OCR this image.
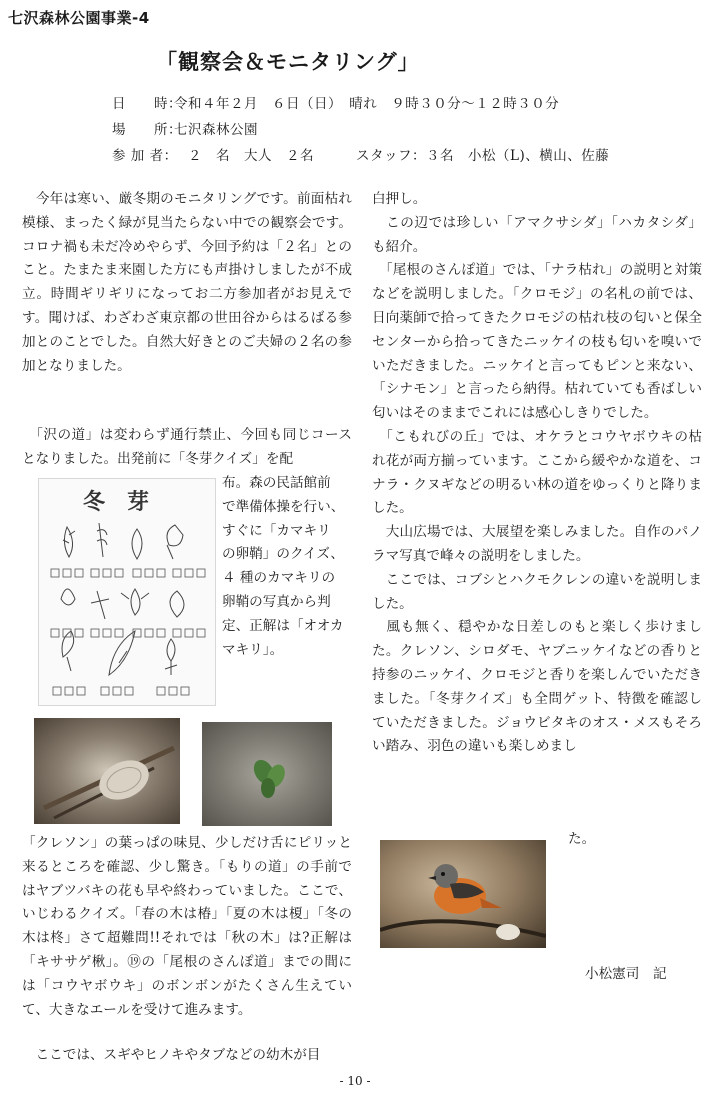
七沢森林公園事業-4
「観察会＆モニタリング」
日　　時：令和４年２月　６日（日）　晴れ　９時３０分〜１２時３０分
場　　所：七沢森林公園
参 加 者：　２　名　大人　２名　　　スタッフ：３名　小松（L)、横山、佐藤

　今年は寒い、厳冬期のモニタリングです。前面枯れ模様、まったく緑が見当たらない中での観察会です。コロナ禍も未だ冷めやらず、今回予約は「２名」とのこと。たまたま来園した方にも声掛けしましたが不成立。時間ギリギリになってお二方参加者がお見えです。聞けば、わざわざ東京都の世田谷からはるばる参加とのことでした。自然大好きとのご夫婦の２名の参加となりました。

　「沢の道」は変わらず通行禁止、今回も同じコースとなりました。出発前に「冬芽クイズ」を配

冬　芽
布。森の民話館前
で準備体操を行い、
すぐに「カマキリ
の卵鞘」のクイズ、
４ 種のカマキリの
卵鞘の写真から判
定、正解は「オオカ
マキリ」。

「クレソン」の葉っぱの味見、少しだけ舌にピリッと来るところを確認、少し驚き。「もりの道」の手前ではヤブツバキの花も早や終わっていました。ここで、いじわるクイズ。「春の木は椿」「夏の木は榎」「冬の木は柊」さて超難問!!それでは「秋の木」は?正解は「キササゲ楸」。⑲の「尾根のさんぽ道」までの間には「コウヤボウキ」のボンボンがたくさん生えていて、大きなエールを受けて進みます。

　ここでは、スギやヒノキやタブなどの幼木が目

白押し。

　この辺では珍しい「アマクサシダ」「ハカタシダ」も紹介。

　「尾根のさんぽ道」では、「ナラ枯れ」の説明と対策などを説明しました。「クロモジ」の名札の前では、日向薬師で拾ってきたクロモジの枯れ枝の匂いと保全センターから拾ってきたニッケイの枝も匂いを嗅いでいただきました。ニッケイと言ってもピンと来ない、「シナモン」と言ったら納得。枯れていても香ばしい匂いはそのままでこれには感心しきりでした。

　「こもれびの丘」では、オケラとコウヤボウキの枯れ花が両方揃っています。ここから緩やかな道を、コナラ・クヌギなどの明るい林の道をゆっくりと降りました。

　大山広場では、大展望を楽しみました。自作のパノラマ写真で峰々の説明をしました。

　ここでは、コブシとハクモクレンの違いを説明しました。

　風も無く、穏やかな日差しのもと楽しく歩けました。クレソン、シロダモ、ヤブニッケイなどの香りと持参のニッケイ、クロモジと香りを楽しんでいただきました。「冬芽クイズ」も全問ゲット、特徴を確認していただきました。ジョウビタキのオス・メスもそろい踏み、羽色の違いも楽しめまし

た。
小松憲司　記
- 10 -
